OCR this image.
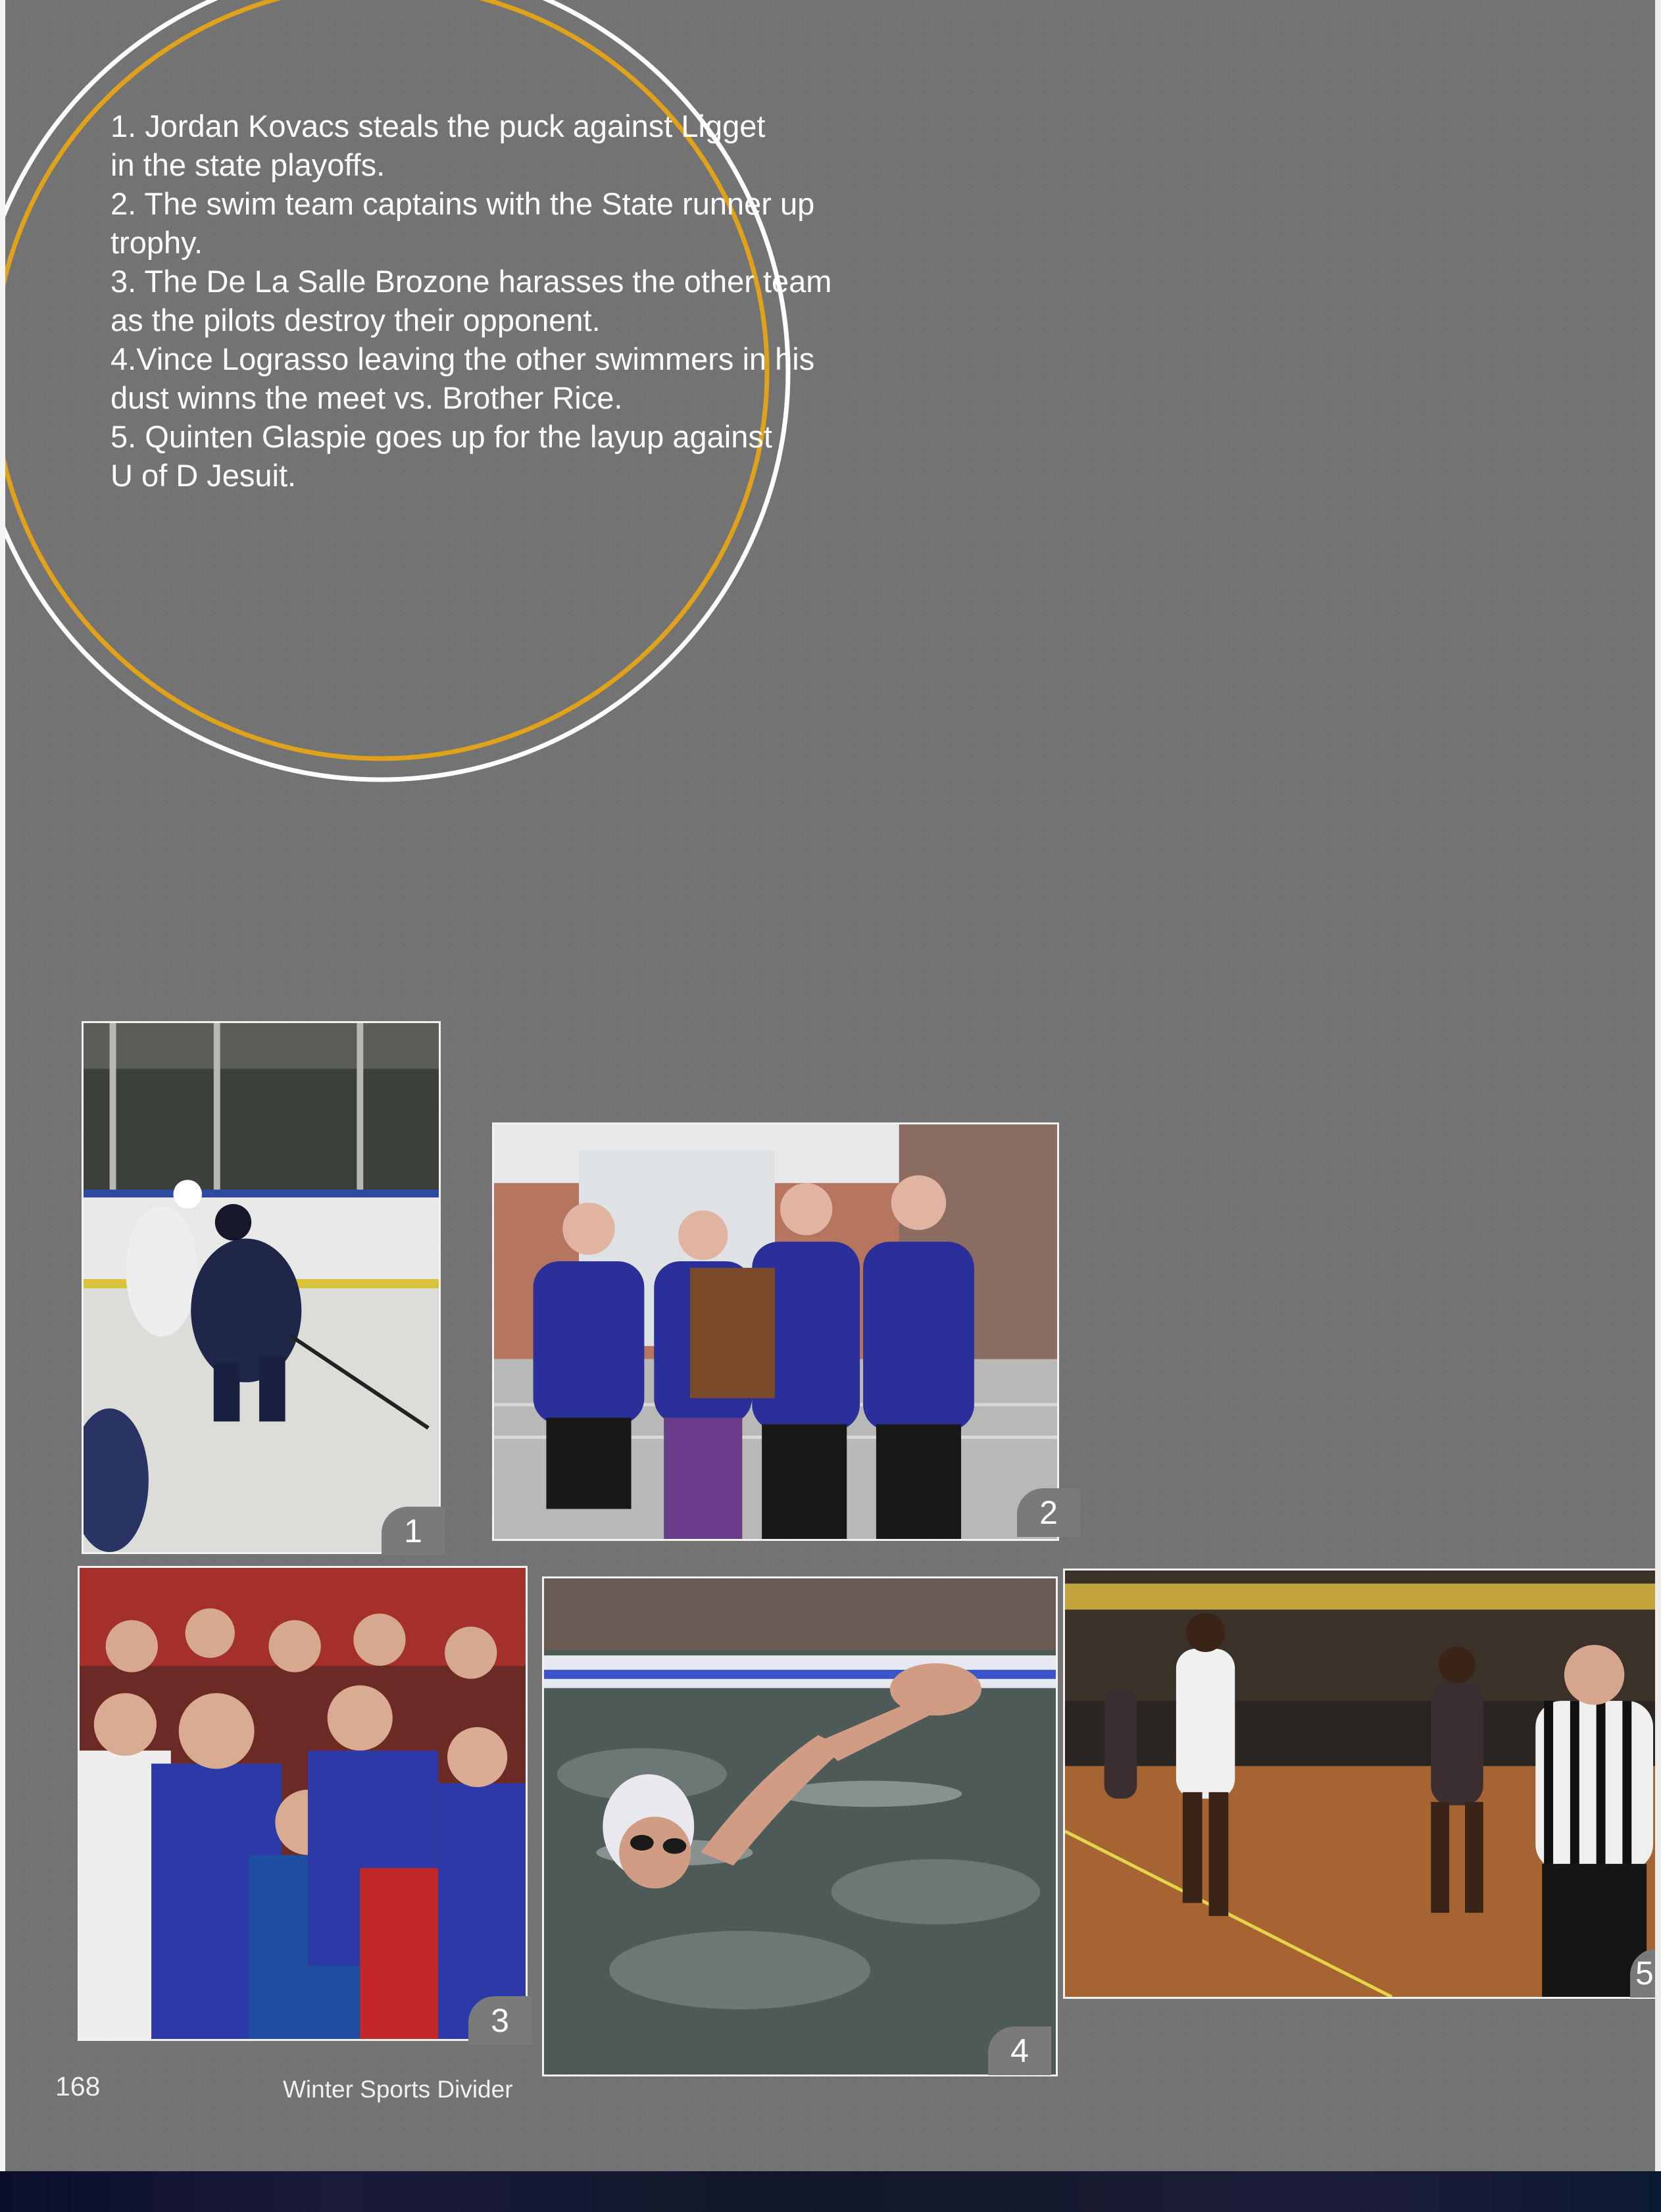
1. Jordan Kovacs steals the puck against Ligget
in the state playoffs.

2. The swim team captains with the State runner up
trophy.

3. The De La Salle Brozone harasses the other team
as the pilots destroy their opponent.

4.Vince Lograsso leaving the other swimmers in his
dust winns the meet vs. Brother Rice.

5. Quinten Glaspie goes up for the layup against
U of D Jesuit.

1	2
3
4
5
168	Winter Sports Divider
